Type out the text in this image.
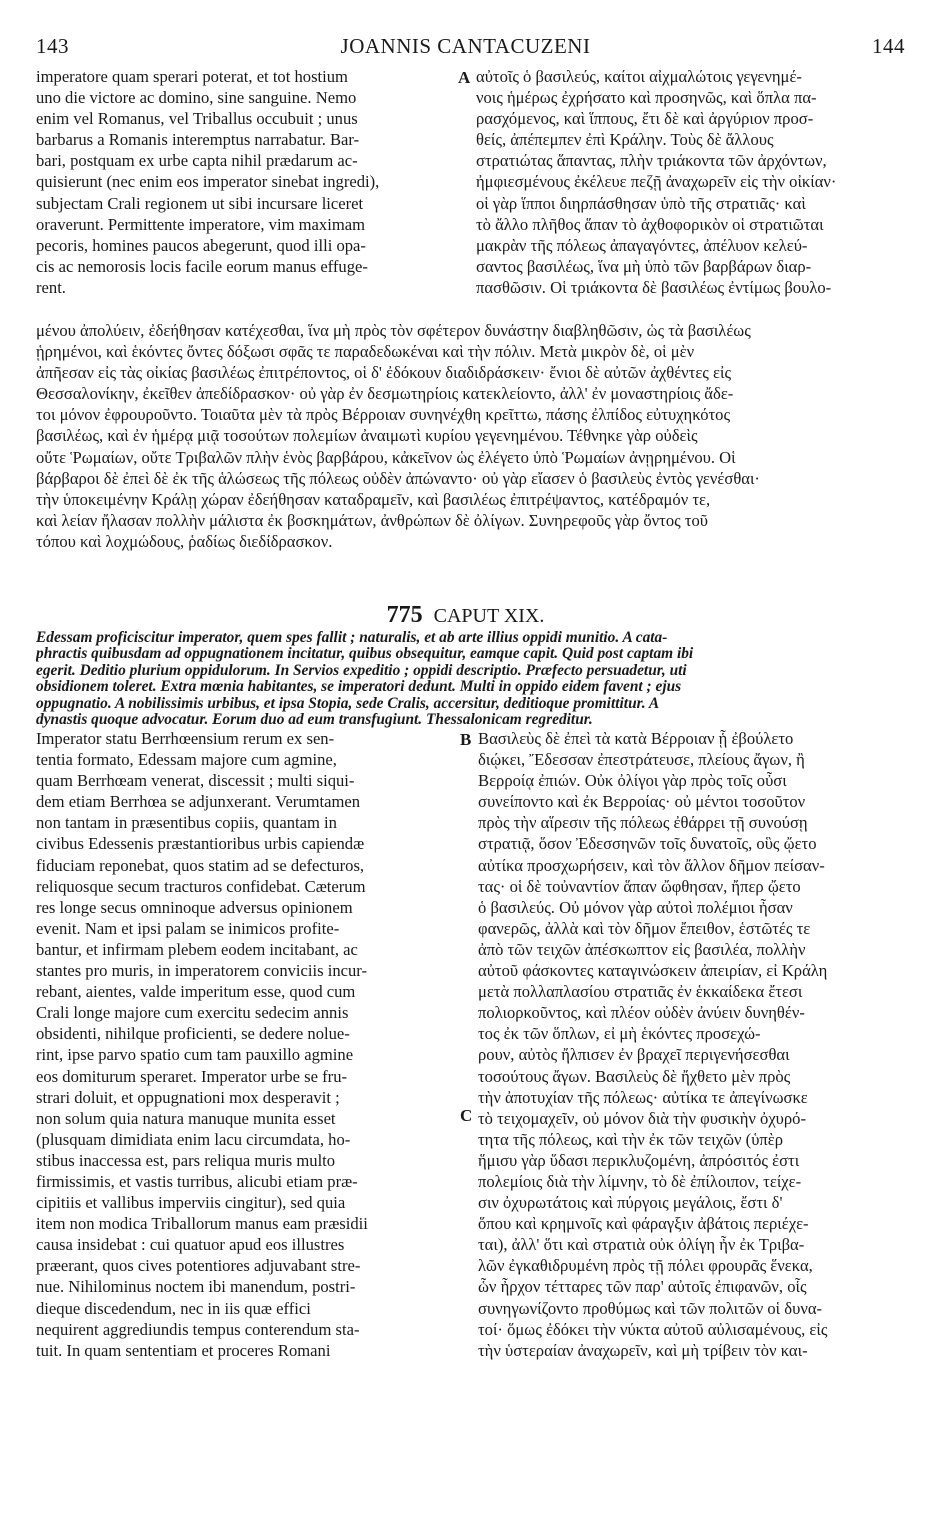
143	JOANNIS CANTACUZENI	144
imperatore quam sperari poterat, et tot hostium
uno die victore ac domino, sine sanguine. Nemo
enim vel Romanus, vel Triballus occubuit ; unus
barbarus a Romanis interemptus narrabatur. Bar-
bari, postquam ex urbe capta nihil prædarum ac-
quisierunt (nec enim eos imperator sinebat ingredi),
subjectam Crali regionem ut sibi incursare liceret
oraverunt. Permittente imperatore, vim maximam
pecoris, homines paucos abegerunt, quod illi opa-
cis ac nemorosis locis facile eorum manus effuge-
rent.
A αὐτοῖς ὁ βασιλεύς, καίτοι αἰχμαλώτοις γεγενημέ-
νοις ἡμέρως ἐχρήσατο καὶ προσηνῶς, καὶ ὅπλα πα-
ρασχόμενος, καὶ ἵππους, ἔτι δὲ καὶ ἀργύριον προσ-
θείς, ἀπέπεμπεν ἐπὶ Κράλην. Τοὺς δὲ ἄλλους
στρατιώτας ἅπαντας, πλὴν τριάκοντα τῶν ἀρχόντων,
ἠμφιεσμένους ἐκέλευε πεζῇ ἀναχωρεῖν εἰς τὴν οἰκίαν·
οἱ γὰρ ἵπποι διηρπάσθησαν ὑπὸ τῆς στρατιᾶς· καὶ
τὸ ἄλλο πλῆθος ἅπαν τὸ ἀχθοφορικὸν οἱ στρατιῶται
μακρὰν τῆς πόλεως ἀπαγαγόντες, ἀπέλυον κελεύ-
σαντος βασιλέως, ἵνα μὴ ὑπὸ τῶν βαρβάρων διαρ-
πασθῶσιν. Οἱ τριάκοντα δὲ βασιλέως ἐντίμως βουλο-
μένου ἀπολύειν, ἐδεήθησαν κατέχεσθαι, ἵνα μὴ πρὸς τὸν σφέτερον δυνάστην διαβληθῶσιν, ὡς τὰ βασιλέως
ᾑρημένοι, καὶ ἑκόντες ὄντες δόξωσι σφᾶς τε παραδεδωκέναι καὶ τὴν πόλιν. Μετὰ μικρὸν δὲ, οἱ μὲν
ἀπῆεσαν εἰς τὰς οἰκίας βασιλέως ἐπιτρέποντος, οἱ δ' ἐδόκουν διαδιδράσκειν· ἔνιοι δὲ αὐτῶν ἀχθέντες εἰς
Θεσσαλονίκην, ἐκεῖθεν ἀπεδίδρασκον· οὐ γὰρ ἐν δεσμωτηρίοις κατεκλείοντο, ἀλλ' ἐν μοναστηρίοις ἄδε-
τοι μόνον ἐφρουροῦντο. Τοιαῦτα μὲν τὰ πρὸς Βέρροιαν συνηνέχθη κρεῖττω, πάσης ἐλπίδος εὐτυχηκότος
βασιλέως, καὶ ἐν ἡμέρᾳ μιᾷ τοσούτων πολεμίων ἀναιμωτὶ κυρίου γεγενημένου. Τέθνηκε γὰρ οὐδεὶς
οὔτε Ῥωμαίων, οὔτε Τριβαλῶν πλὴν ἑνὸς βαρβάρου, κἀκεῖνον ὡς ἐλέγετο ὑπὸ Ῥωμαίων ἀνῃρημένου. Οἱ
βάρβαροι δὲ ἐπεὶ δὲ ἐκ τῆς ἁλώσεως τῆς πόλεως οὐδὲν ἀπώναντο· οὐ γὰρ εἴασεν ὁ βασιλεὺς ἐντὸς γενέσθαι·
τὴν ὑποκειμένην Κράλῃ χώραν ἐδεήθησαν καταδραμεῖν, καὶ βασιλέως ἐπιτρέψαντος, κατέδραμόν τε,
καὶ λείαν ἤλασαν πολλὴν μάλιστα ἐκ βοσκημάτων, ἀνθρώπων δὲ ὀλίγων. Συνηρεφοῦς γὰρ ὄντος τοῦ
τόπου καὶ λοχμώδους, ῥαδίως διεδίδρασκον.
775 CAPUT XIX.
Edessam proficiscitur imperator, quem spes fallit ; naturalis, et ab arte illius oppidi munitio. A cata-
phractis quibusdam ad oppugnationem incitatur, quibus obsequitur, eamque capit. Quid post captam ibi
egerit. Deditio plurium oppidulorum. In Servios expeditio ; oppidi descriptio. Præfecto persuadetur, uti
obsidionem toleret. Extra mœnia habitantes, se imperatori dedunt. Multi in oppido eidem favent ; ejus
oppugnatio. A nobilissimis urbibus, et ipsa Stopia, sede Cralis, accersitur, deditioque promittitur. A
dynastis quoque advocatur. Eorum duo ad eum transfugiunt. Thessalonicam regreditur.
Imperator statu Berrhœensium rerum ex sen-
tentia formato, Edessam majore cum agmine,
quam Berrhœam venerat, discessit ; multi siqui-
dem etiam Berrhœa se adjunxerant. Verumtamen
non tantam in præsentibus copiis, quantam in
civibus Edessenis præstantioribus urbis capiendæ
fiduciam reponebat, quos statim ad se defecturos,
reliquosque secum tracturos confidebat. Cæterum
res longe secus omninoque adversus opinionem
evenit. Nam et ipsi palam se inimicos profite-
bantur, et infirmam plebem eodem incitabant, ac
stantes pro muris, in imperatorem conviciis incur-
rebant, aientes, valde imperitum esse, quod cum
Crali longe majore cum exercitu sedecim annis
obsidenti, nihilque proficienti, se dedere nolue-
rint, ipse parvo spatio cum tam pauxillo agmine
eos domiturum speraret. Imperator urbe se fru-
strari doluit, et oppugnationi mox desperavit ;
non solum quia natura manuque munita esset
(plusquam dimidiata enim lacu circumdata, ho-
stibus inaccessa est, pars reliqua muris multo
firmissimis, et vastis turribus, alicubi etiam præ-
cipitiis et vallibus imperviis cingitur), sed quia
item non modica Triballorum manus eam præsidii
causa insidebat : cui quatuor apud eos illustres
præerant, quos cives potentiores adjuvabant stre-
nue. Nihilominus noctem ibi manendum, postri-
dieque discedendum, nec in iis quæ effici
nequirent aggrediundis tempus conterendum sta-
tuit. In quam sententiam et proceres Romani
B
C
Βασιλεὺς δὲ ἐπεὶ τὰ κατὰ Βέρροιαν ᾗ ἐβούλετο
διῴκει, Ἔδεσσαν ἐπεστράτευσε, πλείους ἄγων, ἢ
Βερροίᾳ ἐπιών. Οὐκ ὀλίγοι γὰρ πρὸς τοῖς οὖσι
συνείποντο καὶ ἐκ Βερροίας· οὐ μέντοι τοσοῦτον
πρὸς τὴν αἵρεσιν τῆς πόλεως ἐθάρρει τῇ συνούσῃ
στρατιᾷ, ὅσον Ἐδεσσηνῶν τοῖς δυνατοῖς, οὓς ᾤετο
αὐτίκα προσχωρήσειν, καὶ τὸν ἄλλον δῆμον πείσαν-
τας· οἱ δὲ τοὐναντίον ἅπαν ὤφθησαν, ἤπερ ᾤετο
ὁ βασιλεύς. Οὐ μόνον γὰρ αὐτοὶ πολέμιοι ἦσαν
φανερῶς, ἀλλὰ καὶ τὸν δῆμον ἔπειθον, ἑστῶτές τε
ἀπὸ τῶν τειχῶν ἀπέσκωπτον εἰς βασιλέα, πολλὴν
αὐτοῦ φάσκοντες καταγινώσκειν ἀπειρίαν, εἰ Κράλη
μετὰ πολλαπλασίου στρατιᾶς ἐν ἑκκαίδεκα ἔτεσι
πολιορκοῦντος, καὶ πλέον οὐδὲν ἀνύειν δυνηθέν-
τος ἐκ τῶν ὅπλων, εἰ μὴ ἑκόντες προσεχώ-
ρουν, αὐτὸς ἤλπισεν ἐν βραχεῖ περιγενήσεσθαι
τοσούτους ἄγων. Βασιλεὺς δὲ ἤχθετο μὲν πρὸς
τὴν ἀποτυχίαν τῆς πόλεως· αὐτίκα τε ἀπεγίνωσκε
τὸ τειχομαχεῖν, οὐ μόνον διὰ τὴν φυσικὴν ὀχυρό-
τητα τῆς πόλεως, καὶ τὴν ἐκ τῶν τειχῶν (ὑπὲρ
ἥμισυ γὰρ ὕδασι περικλυζομένη, ἀπρόσιτός ἐστι
πολεμίοις διὰ τὴν λίμνην, τὸ δὲ ἐπίλοιπον, τείχε-
σιν ὀχυρωτάτοις καὶ πύργοις μεγάλοις, ἔστι δ'
ὅπου καὶ κρημνοῖς καὶ φάραγξιν ἀβάτοις περιέχε-
ται), ἀλλ' ὅτι καὶ στρατιὰ οὐκ ὀλίγη ἦν ἐκ Τριβα-
λῶν ἐγκαθιδρυμένη πρὸς τῇ πόλει φρουρᾶς ἕνεκα,
ὧν ἦρχον τέτταρες τῶν παρ' αὐτοῖς ἐπιφανῶν, οἷς
συνηγωνίζοντο προθύμως καὶ τῶν πολιτῶν οἱ δυνα-
τοί· ὅμως ἐδόκει τὴν νύκτα αὐτοῦ αὐλισαμένους, εἰς
τὴν ὑστεραίαν ἀναχωρεῖν, καὶ μὴ τρίβειν τὸν και-
